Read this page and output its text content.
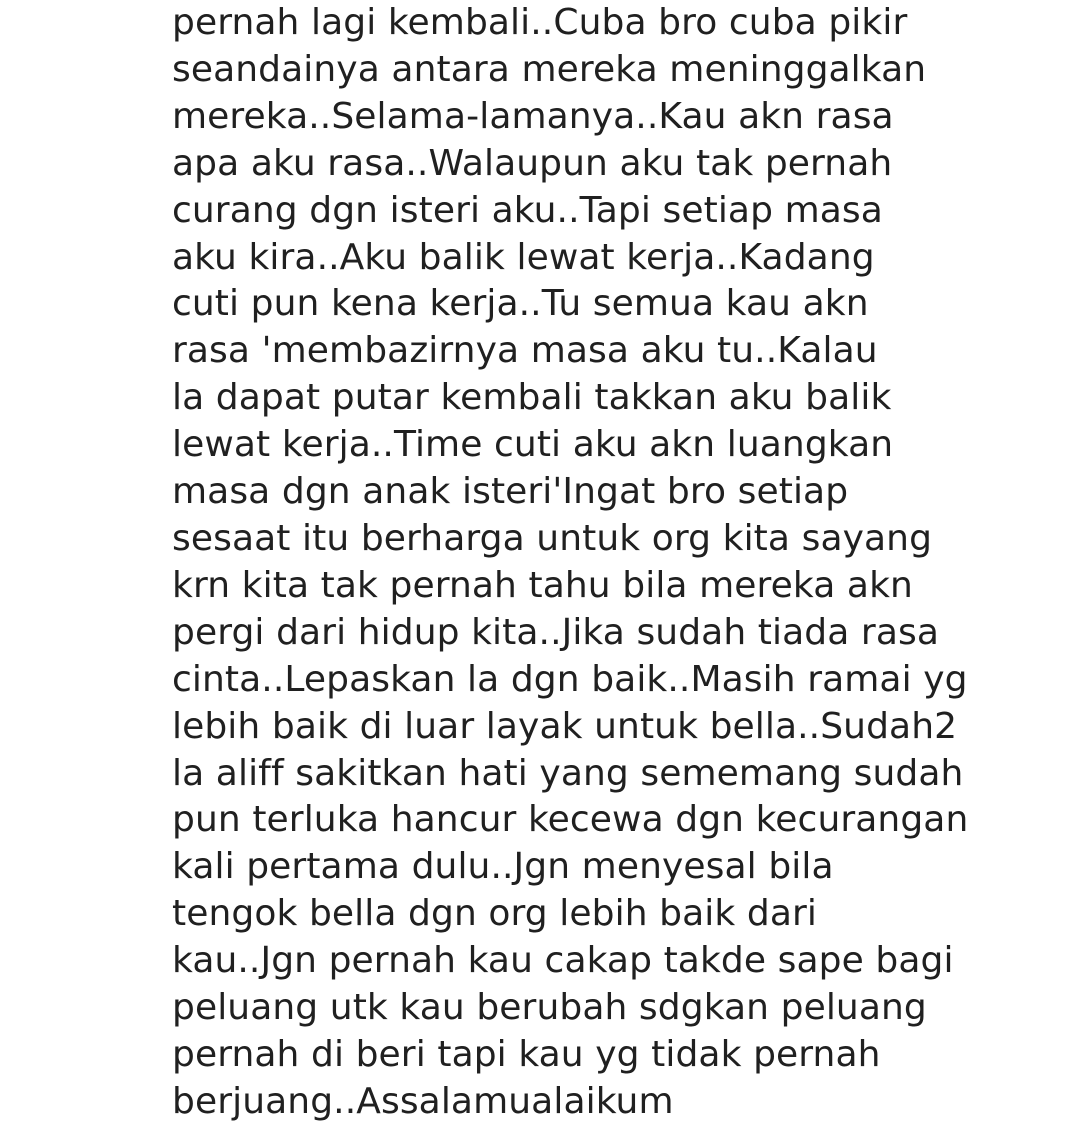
pernah lagi kembali..Cuba bro cuba pikir
seandainya antara mereka meninggalkan
mereka..Selama-lamanya..Kau akn rasa
apa aku rasa..Walaupun aku tak pernah
curang dgn isteri aku..Tapi setiap masa
aku kira..Aku balik lewat kerja..Kadang
cuti pun kena kerja..Tu semua kau akn
rasa 'membazirnya masa aku tu..Kalau
la dapat putar kembali takkan aku balik
lewat kerja..Time cuti aku akn luangkan
masa dgn anak isteri'Ingat bro setiap
sesaat itu berharga untuk org kita sayang
krn kita tak pernah tahu bila mereka akn
pergi dari hidup kita..Jika sudah tiada rasa
cinta..Lepaskan la dgn baik..Masih ramai yg
lebih baik di luar layak untuk bella..Sudah2
la aliff sakitkan hati yang sememang sudah
pun terluka hancur kecewa dgn kecurangan
kali pertama dulu..Jgn menyesal bila
tengok bella dgn org lebih baik dari
kau..Jgn pernah kau cakap takde sape bagi
peluang utk kau berubah sdgkan peluang
pernah di beri tapi kau yg tidak pernah
berjuang..Assalamualaikum
